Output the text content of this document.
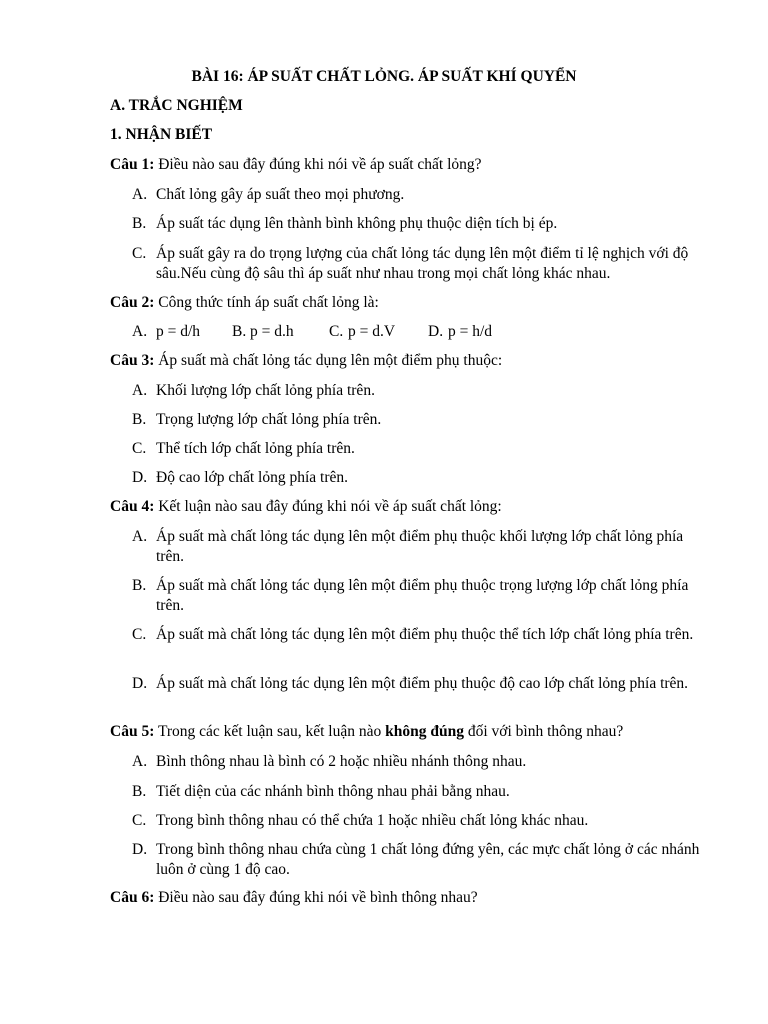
BÀI 16: ÁP SUẤT CHẤT LỎNG. ÁP SUẤT KHÍ QUYỂN
A. TRẮC NGHIỆM
1. NHẬN BIẾT
Câu 1: Điều nào sau đây đúng khi nói về áp suất chất lỏng?
A. Chất lỏng gây áp suất theo mọi phương.
B. Áp suất tác dụng lên thành bình không phụ thuộc diện tích bị ép.
C. Áp suất gây ra do trọng lượng của chất lỏng tác dụng lên một điểm tỉ lệ nghịch với độ sâu.Nếu cùng độ sâu thì áp suất như nhau trong mọi chất lỏng khác nhau.
Câu 2: Công thức tính áp suất chất lỏng là:
A. p = d/h B. p = d.h C. p = d.V D. p = h/d
Câu 3: Áp suất mà chất lỏng tác dụng lên một điểm phụ thuộc:
A. Khối lượng lớp chất lỏng phía trên.
B. Trọng lượng lớp chất lỏng phía trên.
C. Thể tích lớp chất lỏng phía trên.
D. Độ cao lớp chất lỏng phía trên.
Câu 4: Kết luận nào sau đây đúng khi nói về áp suất chất lỏng:
A. Áp suất mà chất lỏng tác dụng lên một điểm phụ thuộc khối lượng lớp chất lỏng phía trên.
B. Áp suất mà chất lỏng tác dụng lên một điểm phụ thuộc trọng lượng lớp chất lỏng phía trên.
C. Áp suất mà chất lỏng tác dụng lên một điểm phụ thuộc thể tích lớp chất lỏng phía trên.
D. Áp suất mà chất lỏng tác dụng lên một điểm phụ thuộc độ cao lớp chất lỏng phía trên.
Câu 5: Trong các kết luận sau, kết luận nào không đúng đối với bình thông nhau?
A. Bình thông nhau là bình có 2 hoặc nhiều nhánh thông nhau.
B. Tiết diện của các nhánh bình thông nhau phải bằng nhau.
C. Trong bình thông nhau có thể chứa 1 hoặc nhiều chất lỏng khác nhau.
D. Trong bình thông nhau chứa cùng 1 chất lỏng đứng yên, các mực chất lỏng ở các nhánh luôn ở cùng 1 độ cao.
Câu 6: Điều nào sau đây đúng khi nói về bình thông nhau?
